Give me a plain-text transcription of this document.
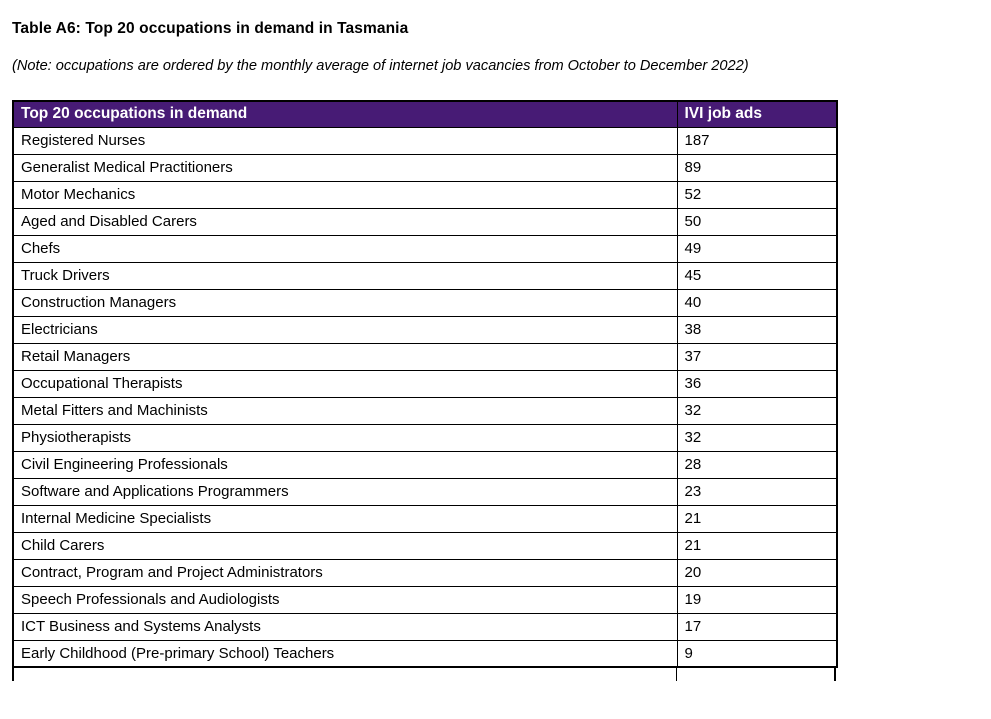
Table A6: Top 20 occupations in demand in Tasmania

(Note: occupations are ordered by the monthly average of internet job vacancies from October to December 2022)

Top 20 occupations in demand	IVI job ads
Registered Nurses	187
Generalist Medical Practitioners	89
Motor Mechanics	52
Aged and Disabled Carers	50
Chefs	49
Truck Drivers	45
Construction Managers	40
Electricians	38
Retail Managers	37
Occupational Therapists	36
Metal Fitters and Machinists	32
Physiotherapists	32
Civil Engineering Professionals	28
Software and Applications Programmers	23
Internal Medicine Specialists	21
Child Carers	21
Contract, Program and Project Administrators	20
Speech Professionals and Audiologists	19
ICT Business and Systems Analysts	17
Early Childhood (Pre-primary School) Teachers	9
